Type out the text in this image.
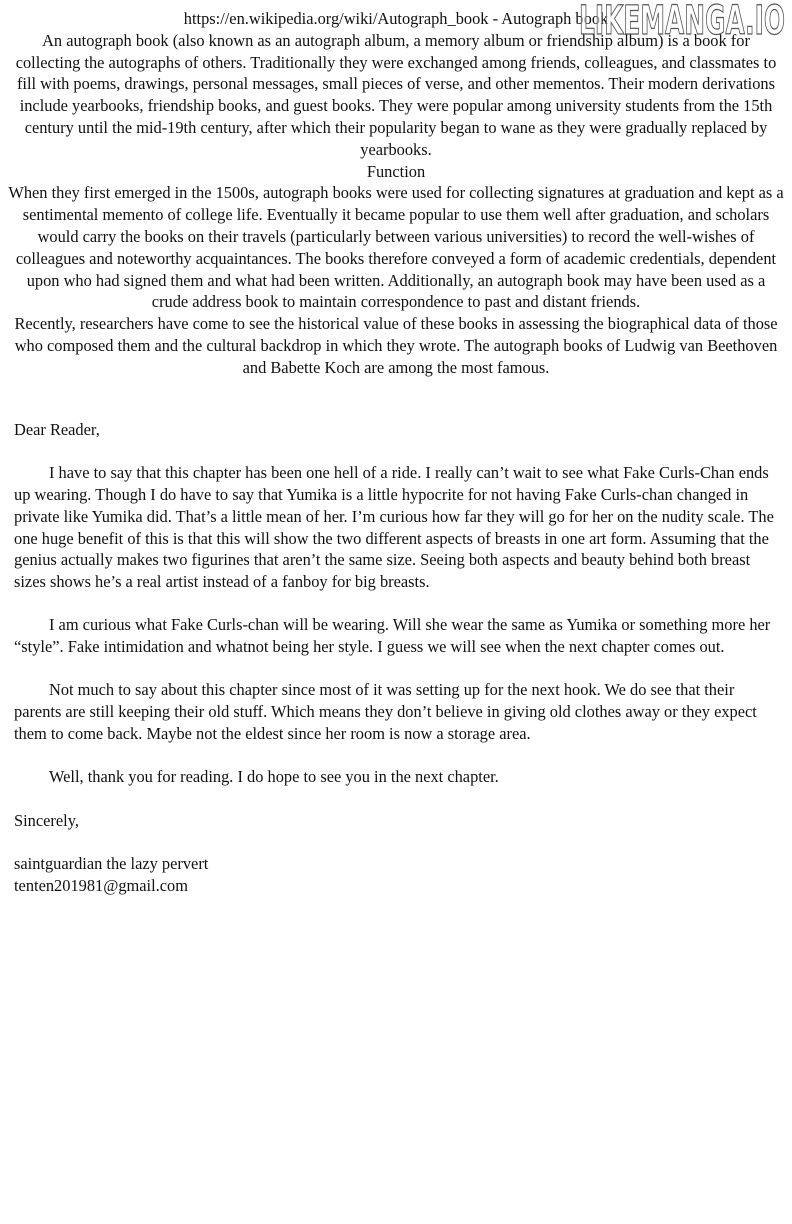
https://en.wikipedia.org/wiki/Autograph_book - Autograph book

An autograph book (also known as an autograph album, a memory album or friendship album) is a book for collecting the autographs of others. Traditionally they were exchanged among friends, colleagues, and classmates to fill with poems, drawings, personal messages, small pieces of verse, and other mementos. Their modern derivations include yearbooks, friendship books, and guest books. They were popular among university students from the 15th century until the mid-19th century, after which their popularity began to wane as they were gradually replaced by yearbooks.

Function

When they first emerged in the 1500s, autograph books were used for collecting signatures at graduation and kept as a sentimental memento of college life. Eventually it became popular to use them well after graduation, and scholars would carry the books on their travels (particularly between various universities) to record the well-wishes of colleagues and noteworthy acquaintances. The books therefore conveyed a form of academic credentials, dependent upon who had signed them and what had been written. Additionally, an autograph book may have been used as a crude address book to maintain correspondence to past and distant friends.

Recently, researchers have come to see the historical value of these books in assessing the biographical data of those who composed them and the cultural backdrop in which they wrote. The autograph books of Ludwig van Beethoven and Babette Koch are among the most famous.

LIKEMANGA.IO

Dear Reader,

I have to say that this chapter has been one hell of a ride. I really can’t wait to see what Fake Curls-Chan ends up wearing. Though I do have to say that Yumika is a little hypocrite for not having Fake Curls-chan changed in private like Yumika did. That’s a little mean of her. I’m curious how far they will go for her on the nudity scale. The one huge benefit of this is that this will show the two different aspects of breasts in one art form. Assuming that the genius actually makes two figurines that aren’t the same size. Seeing both aspects and beauty behind both breast sizes shows he’s a real artist instead of a fanboy for big breasts.

I am curious what Fake Curls-chan will be wearing. Will she wear the same as Yumika or something more her “style”. Fake intimidation and whatnot being her style. I guess we will see when the next chapter comes out.

Not much to say about this chapter since most of it was setting up for the next hook. We do see that their parents are still keeping their old stuff. Which means they don’t believe in giving old clothes away or they expect them to come back. Maybe not the eldest since her room is now a storage area.

Well, thank you for reading. I do hope to see you in the next chapter.

Sincerely,

saintguardian the lazy pervert

tenten201981@gmail.com
